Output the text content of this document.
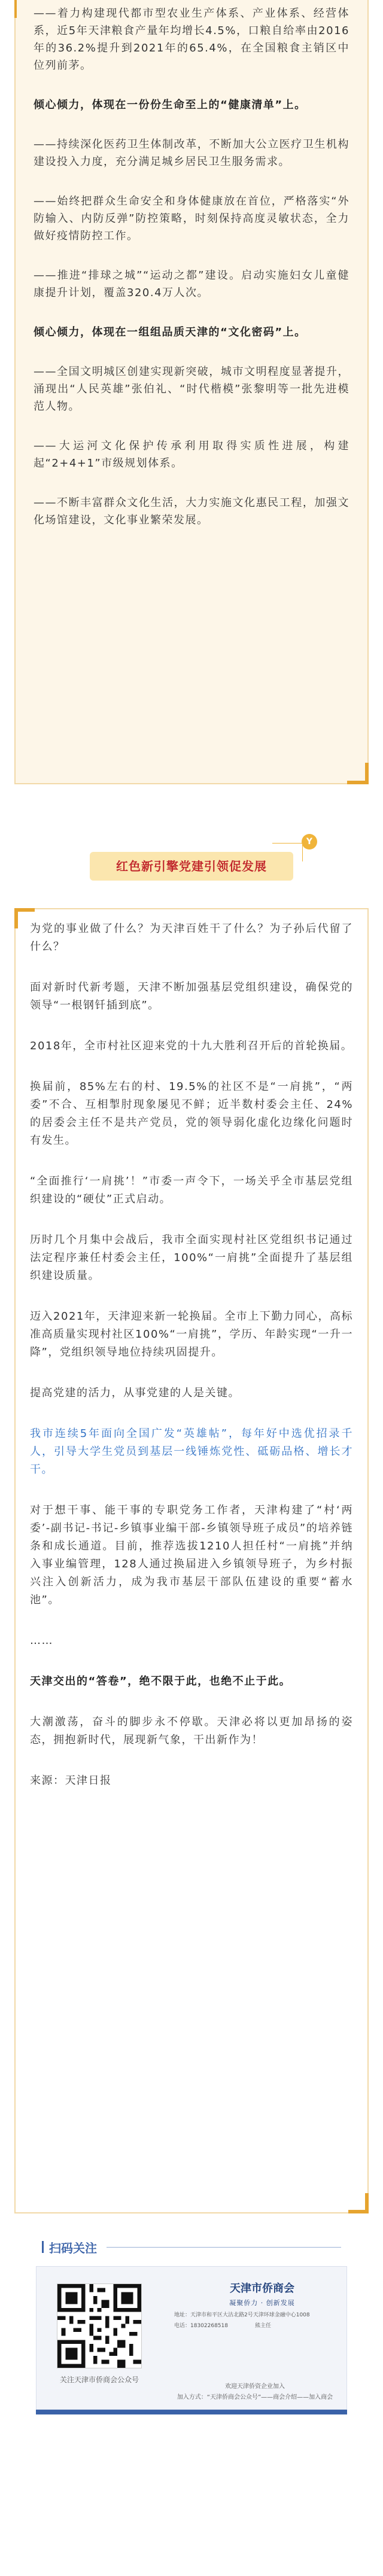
——着力构建现代都市型农业生产体系、产业体系、经营体系，近5年天津粮食产量年均增长4.5%，口粮自给率由2016年的36.2%提升到2021年的65.4%，在全国粮食主销区中位列前茅。

倾心倾力，体现在一份份生命至上的“健康清单”上。

——持续深化医药卫生体制改革，不断加大公立医疗卫生机构建设投入力度，充分满足城乡居民卫生服务需求。

——始终把群众生命安全和身体健康放在首位，严格落实“外防输入、内防反弹”防控策略，时刻保持高度灵敏状态，全力做好疫情防控工作。

——推进“排球之城”“运动之都”建设。启动实施妇女儿童健康提升计划，覆盖320.4万人次。

倾心倾力，体现在一组组品质天津的“文化密码”上。

——全国文明城区创建实现新突破，城市文明程度显著提升，涌现出“人民英雄”张伯礼、“时代楷模”张黎明等一批先进模范人物。

——大运河文化保护传承利用取得实质性进展，构建起“2+4+1”市级规划体系。

——不断丰富群众文化生活，大力实施文化惠民工程，加强文化场馆建设，文化事业繁荣发展。

红色新引擎党建引领促发展
Y

为党的事业做了什么？为天津百姓干了什么？为子孙后代留了什么？

面对新时代新考题，天津不断加强基层党组织建设，确保党的领导“一根钢钎插到底”。

2018年，全市村社区迎来党的十九大胜利召开后的首轮换届。

换届前，85%左右的村、19.5%的社区不是“一肩挑”，“两委”不合、互相掣肘现象屡见不鲜；近半数村委会主任、24%的居委会主任不是共产党员，党的领导弱化虚化边缘化问题时有发生。

“全面推行‘一肩挑’！”市委一声令下，一场关乎全市基层党组织建设的“硬仗”正式启动。

历时几个月集中会战后，我市全面实现村社区党组织书记通过法定程序兼任村委会主任，100%“一肩挑”全面提升了基层组织建设质量。

迈入2021年，天津迎来新一轮换届。全市上下勤力同心，高标准高质量实现村社区100%“一肩挑”，学历、年龄实现“一升一降”，党组织领导地位持续巩固提升。

提高党建的活力，从事党建的人是关键。

我市连续5年面向全国广发“英雄帖”，每年好中选优招录千人，引导大学生党员到基层一线锤炼党性、砥砺品格、增长才干。

对于想干事、能干事的专职党务工作者，天津构建了“村‘两委’-副书记-书记-乡镇事业编干部-乡镇领导班子成员”的培养链条和成长通道。目前，推荐选拔1210人担任村“一肩挑”并纳入事业编管理，128人通过换届进入乡镇领导班子，为乡村振兴注入创新活力，成为我市基层干部队伍建设的重要“蓄水池”。

……

天津交出的“答卷”，绝不限于此，也绝不止于此。

大潮激荡，奋斗的脚步永不停歇。天津必将以更加昂扬的姿态，拥抱新时代，展现新气象，干出新作为！

来源：天津日报

扫码关注
关注天津市侨商会公众号
天津市侨商会
凝聚侨力 · 创新发展
地址：天津市和平区大沽北路2号天津环球金融中心1008
电话：18302268518　　　　　熊主任
欢迎天津侨资企业加入
加入方式：“天津侨商会公众号”——商会介绍——加入商会
